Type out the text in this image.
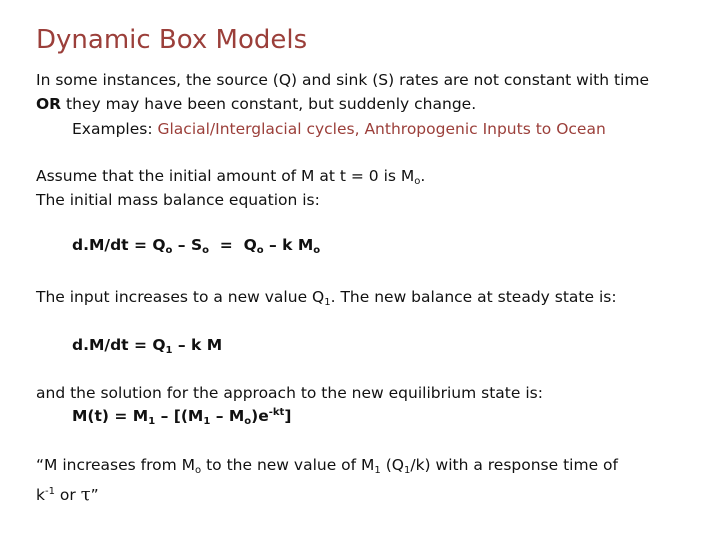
Dynamic Box Models
In some instances, the source (Q) and sink (S) rates are not constant with time
OR they may have been constant, but suddenly change.
Examples: Glacial/Interglacial cycles, Anthropogenic Inputs to Ocean
Assume that the initial amount of M at t = 0 is $M_o$.
The initial mass balance equation is:
$d.M/dt = Q_o - S_o = Q_o - k$ $M_o$
The input increases to a new value $Q_1$. The new balance at steady state is:
$d.M/dt = Q_1 - k$ M
and the solution for the approach to the new equilibrium state is:
$M(t) = M_1 - [(M_1 - M_o)e^{-kt}]$
“M increases from $M_o$ to the new value of $M_1$ $(Q_1/k)$ with a response time of
$k^{-1}$ or τ”
